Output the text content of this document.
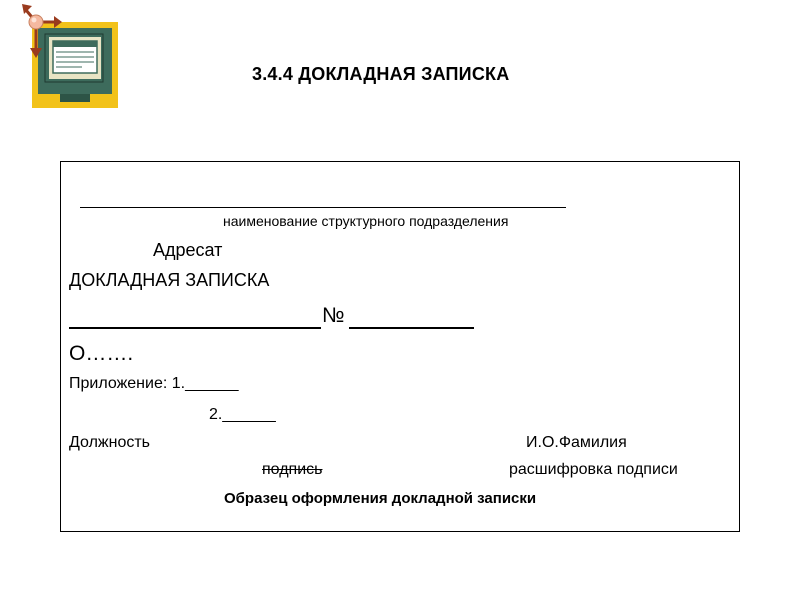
3.4.4 ДОКЛАДНАЯ ЗАПИСКА
наименование структурного подразделения
Адресат
ДОКЛАДНАЯ ЗАПИСКА
№
О…….
Приложение: 1.______
2.______
Должность	И.О.Фамилия
подпись	расшифровка подписи
Образец оформления докладной записки
